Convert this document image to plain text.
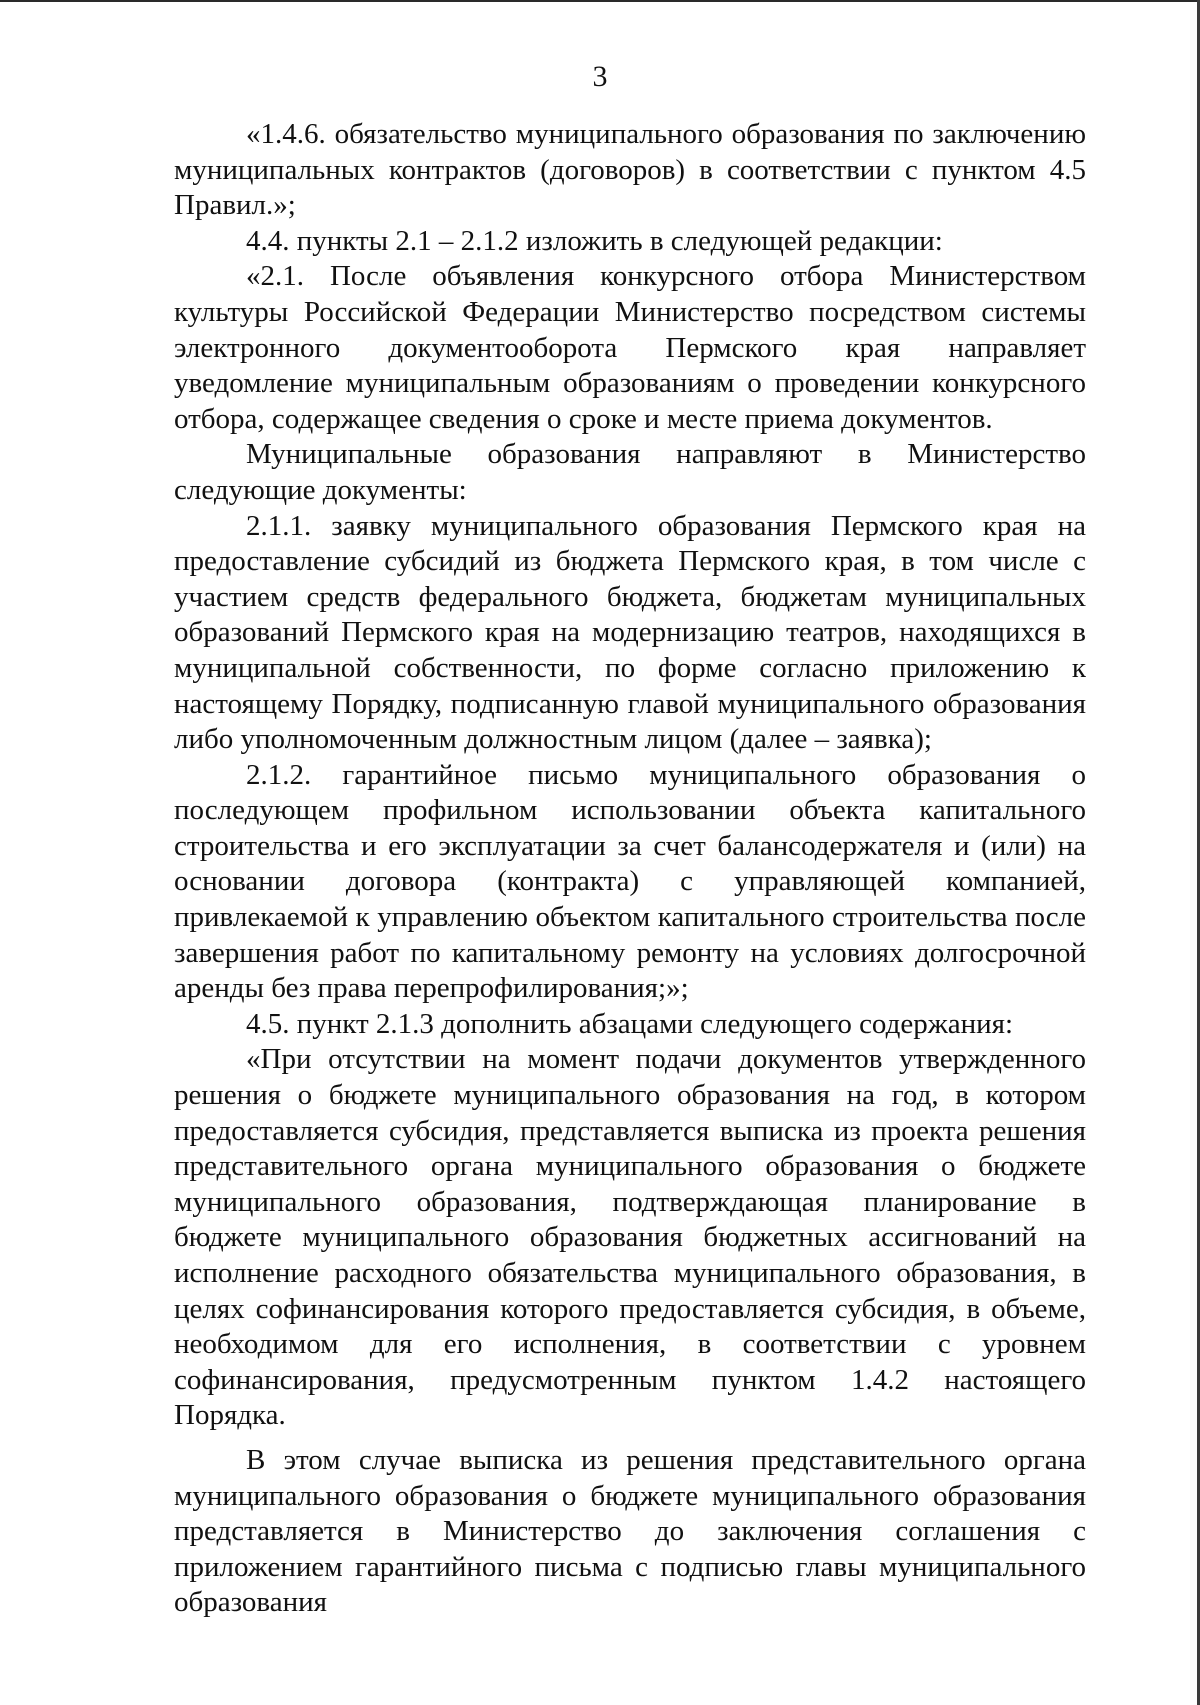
3

«1.4.6. обязательство муниципального образования по заключению муниципальных контрактов (договоров) в соответствии с пунктом 4.5 Правил.»;

4.4. пункты 2.1 – 2.1.2 изложить в следующей редакции:

«2.1. После объявления конкурсного отбора Министерством культуры Российской Федерации Министерство посредством системы электронного документооборота Пермского края направляет уведомление муниципальным образованиям о проведении конкурсного отбора, содержащее сведения о сроке и месте приема документов.

Муниципальные образования направляют в Министерство следующие документы:

2.1.1. заявку муниципального образования Пермского края на предоставление субсидий из бюджета Пермского края, в том числе с участием средств федерального бюджета, бюджетам муниципальных образований Пермского края на модернизацию театров, находящихся в муниципальной собственности, по форме согласно приложению к настоящему Порядку, подписанную главой муниципального образования либо уполномоченным должностным лицом (далее – заявка);

2.1.2. гарантийное письмо муниципального образования о последующем профильном использовании объекта капитального строительства и его эксплуатации за счет балансодержателя и (или) на основании договора (контракта) с управляющей компанией, привлекаемой к управлению объектом капитального строительства после завершения работ по капитальному ремонту на условиях долгосрочной аренды без права перепрофилирования;»;

4.5. пункт 2.1.3 дополнить абзацами следующего содержания:

«При отсутствии на момент подачи документов утвержденного решения о бюджете муниципального образования на год, в котором предоставляется субсидия, представляется выписка из проекта решения представительного органа муниципального образования о бюджете муниципального образования, подтверждающая планирование в бюджете муниципального образования бюджетных ассигнований на исполнение расходного обязательства муниципального образования, в целях софинансирования которого предоставляется субсидия, в объеме, необходимом для его исполнения, в соответствии с уровнем софинансирования, предусмотренным пунктом 1.4.2 настоящего Порядка.

В этом случае выписка из решения представительного органа муниципального образования о бюджете муниципального образования представляется в Министерство до заключения соглашения с приложением гарантийного письма с подписью главы муниципального образования
